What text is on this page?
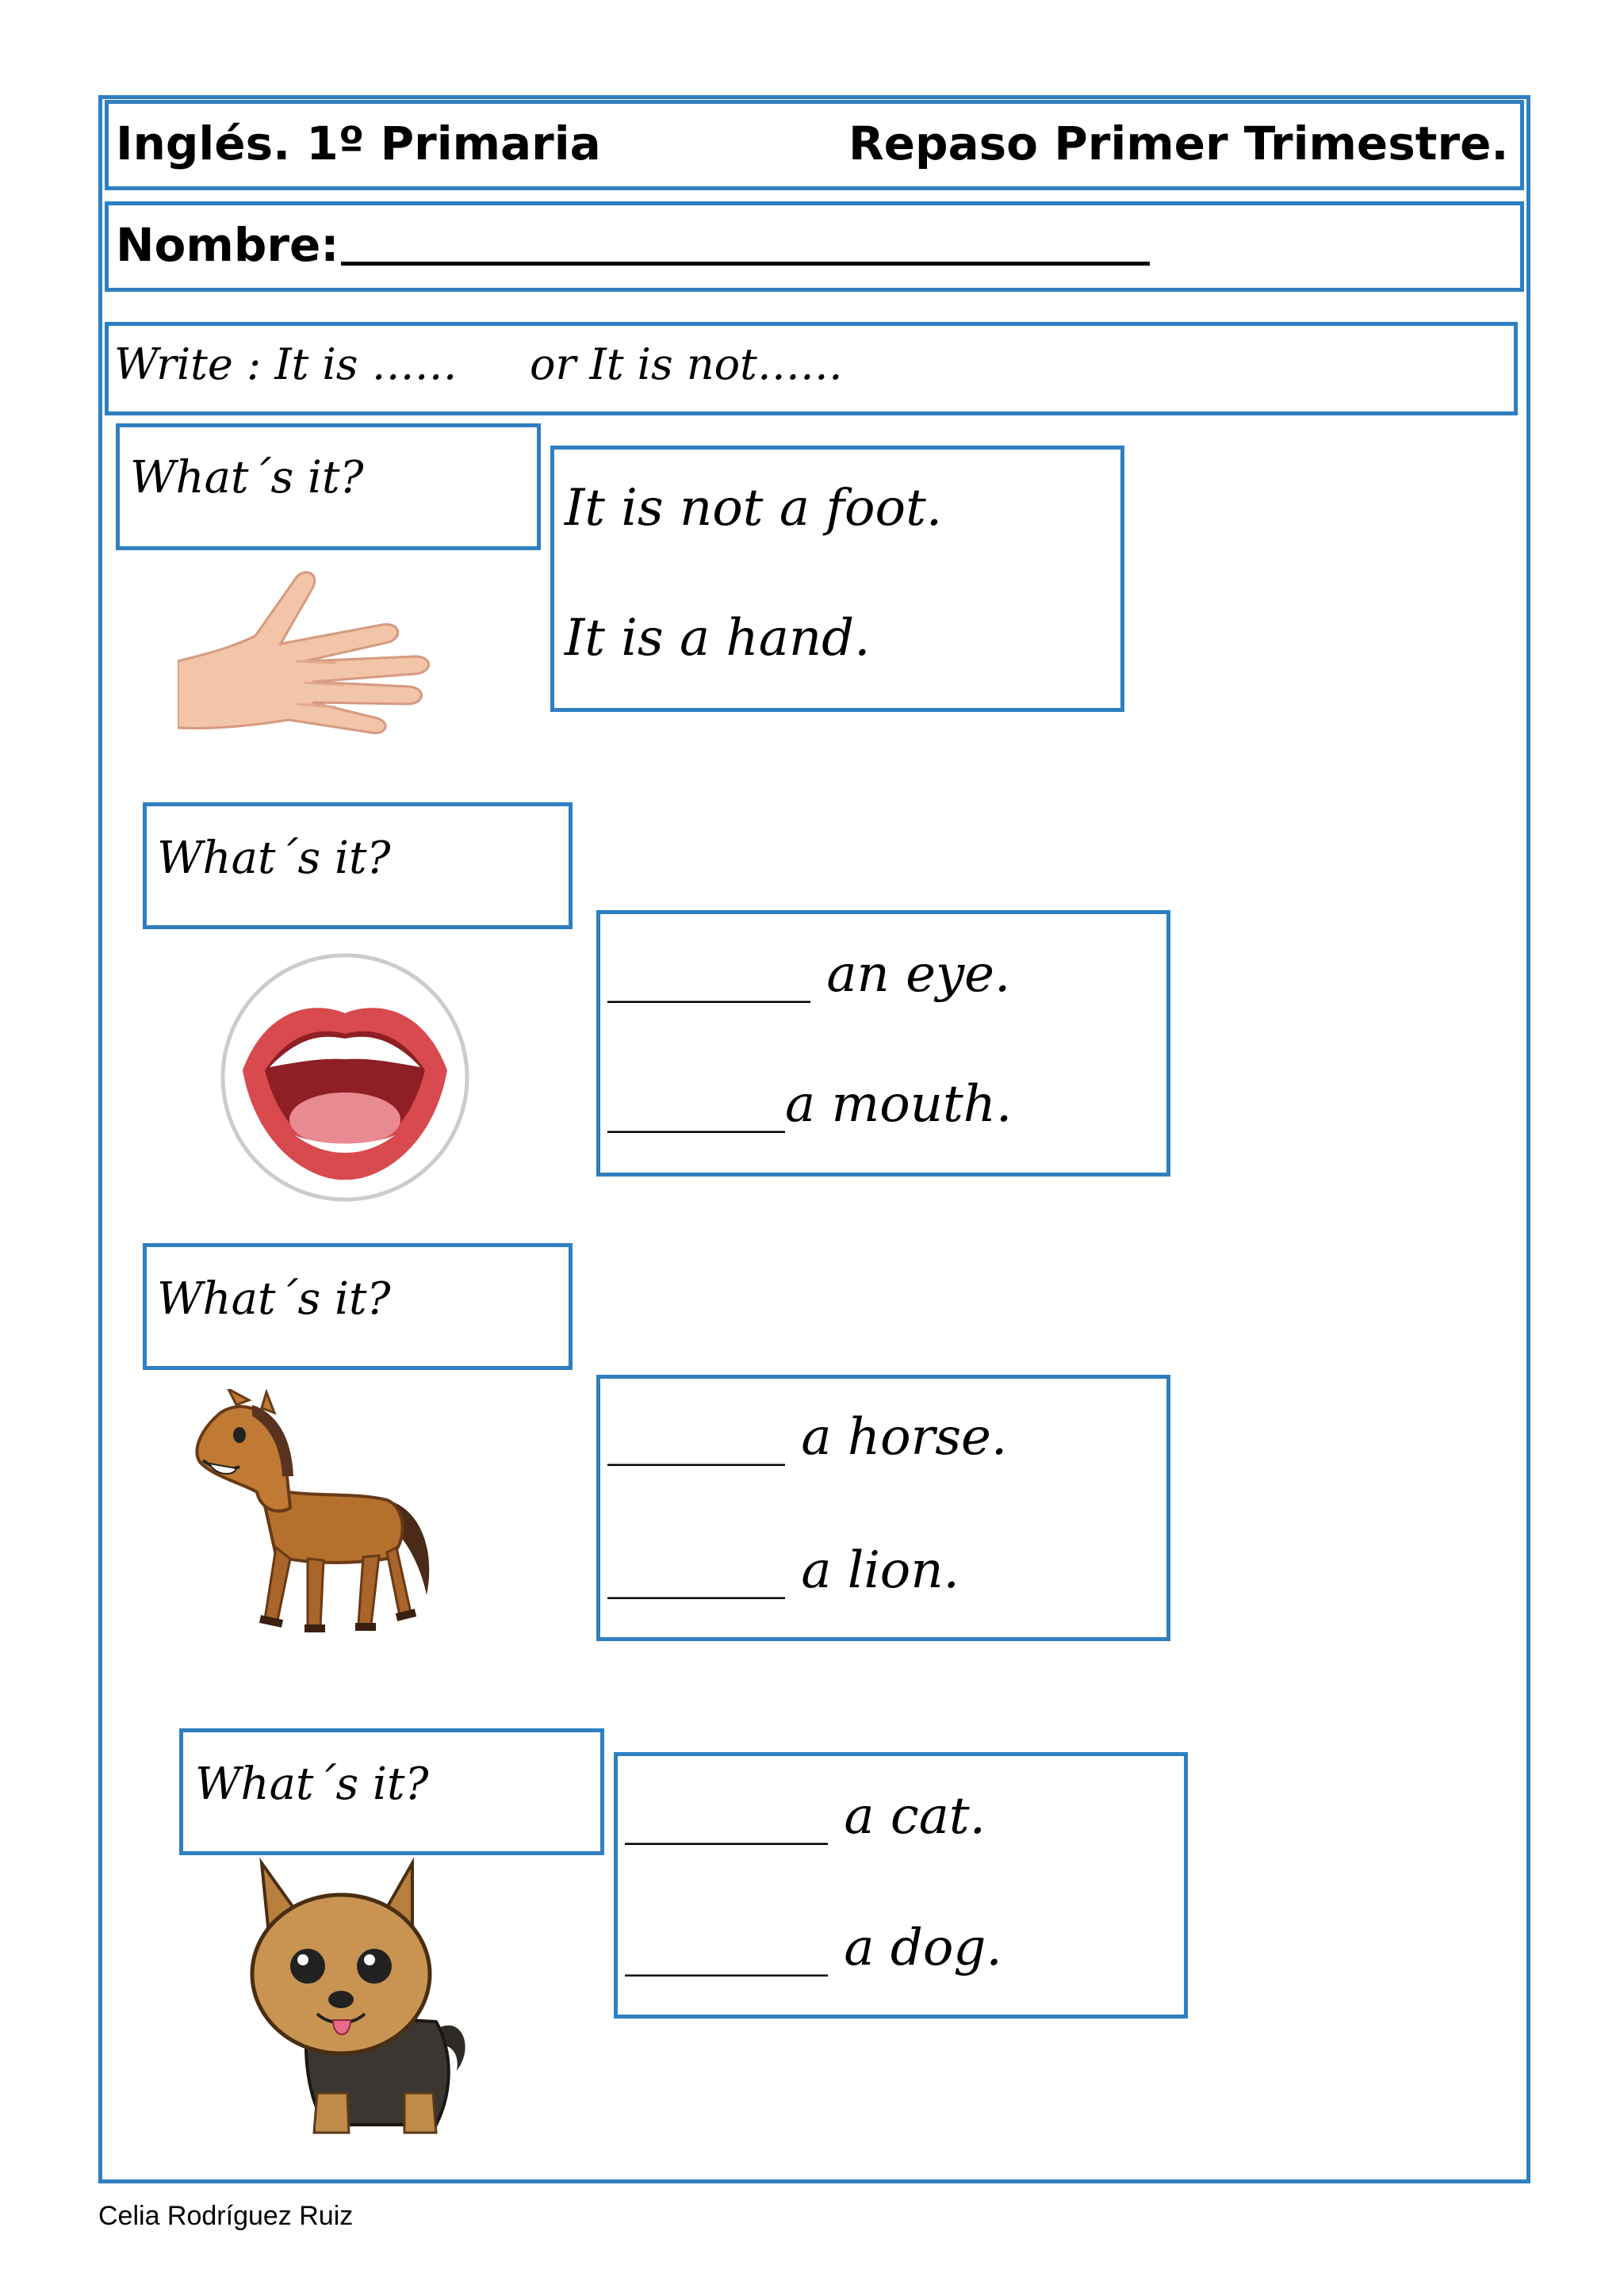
Inglés. 1º Primaria	Repaso Primer Trimestre.
Nombre:
Write : It is …… or It is not……
What´s it?
It is not a foot.
It is a hand.
What´s it?
________ an eye.
_______a mouth.
What´s it?
_______ a horse.
_______ a lion.
What´s it?
________ a cat.
________ a dog.
Celia Rodríguez Ruiz
